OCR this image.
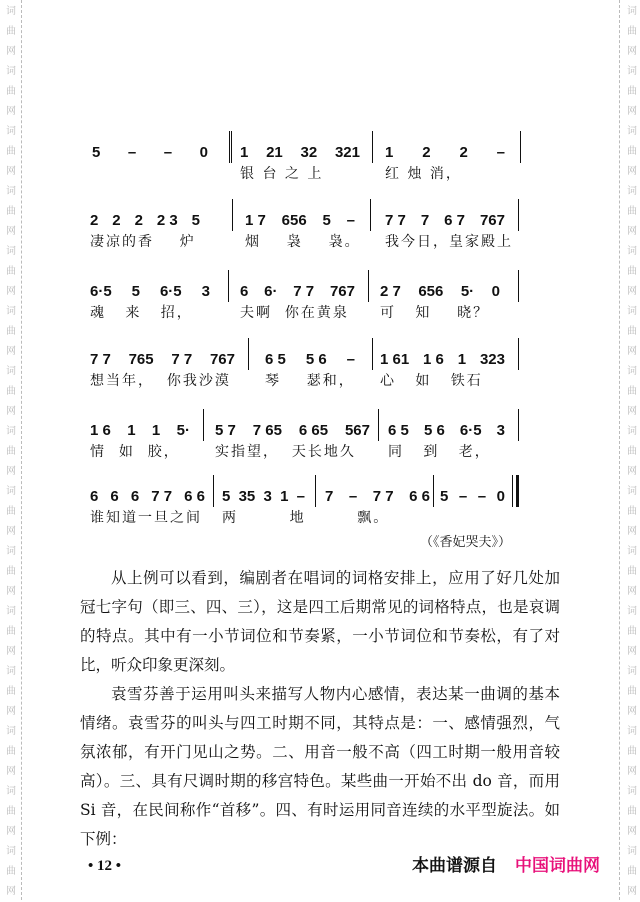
词
曲
网
词
曲
网
词
曲
网
词
曲
网
词
曲
网
词
曲
网
词
曲
网
词
曲
网
词
曲
网
词
曲
网
词
曲
网
词
曲
网
词
曲
网
词
曲
网
词
曲
网
词
曲
网
词
曲
网
词
曲
网
词
曲
网
词
曲
网
词
曲
网
词
曲
网
词
曲
网
词
曲
网
词
曲
网
词
曲
网
词
曲
网
词
曲
网
词
曲
网
词
曲
网
5 – – 0 1 21 32 321
银 台 之 上
1 2 2 –
红 烛 消，
2 2 2 2 3 5
凄凉的香    炉
1 7 656 5 –
烟    袅    袅。
7 7 7 6 7 767
我今日，皇家殿上
6·5 5 6·5 3
魂   来   招，
6 6· 7 7 767
夫啊  你在黄泉
2 7 656 5· 0
可   知    晓？
7 7 765 7 7 767
想当年，  你我沙漠
6 5 5 6 –
琴    瑟和，
1 61 1 6 1 323
心   如   铁石
1 6 1 1 5·
情  如  胶，
5 7 7 65 6 65 567
实指望，  天长地久
6 5 5 6 6·5 3
同   到   老，
6 6 6 7 7 6 6
谁知道一旦之间
5 35 3 1 –
两        地
7 – 7 7 6 6
飘。
5 – – 0
（《香妃哭夫》）

从上例可以看到，编剧者在唱词的词格安排上，应用了好几处加冠七字句（即三、四、三），这是四工后期常见的词格特点，也是哀调的特点。其中有一小节词位和节奏紧，一小节词位和节奏松，有了对比，听众印象更深刻。

袁雪芬善于运用叫头来描写人物内心感情，表达某一曲调的基本情绪。袁雪芬的叫头与四工时期不同，其特点是：一、感情强烈，气氛浓郁，有开门见山之势。二、用音一般不高（四工时期一般用音较高）。三、具有尺调时期的移宫特色。某些曲一开始不出 do 音，而用 Si 音，在民间称作“首移”。四、有时运用同音连续的水平型旋法。如下例：

• 12 •	本曲谱源自 中国词曲网
